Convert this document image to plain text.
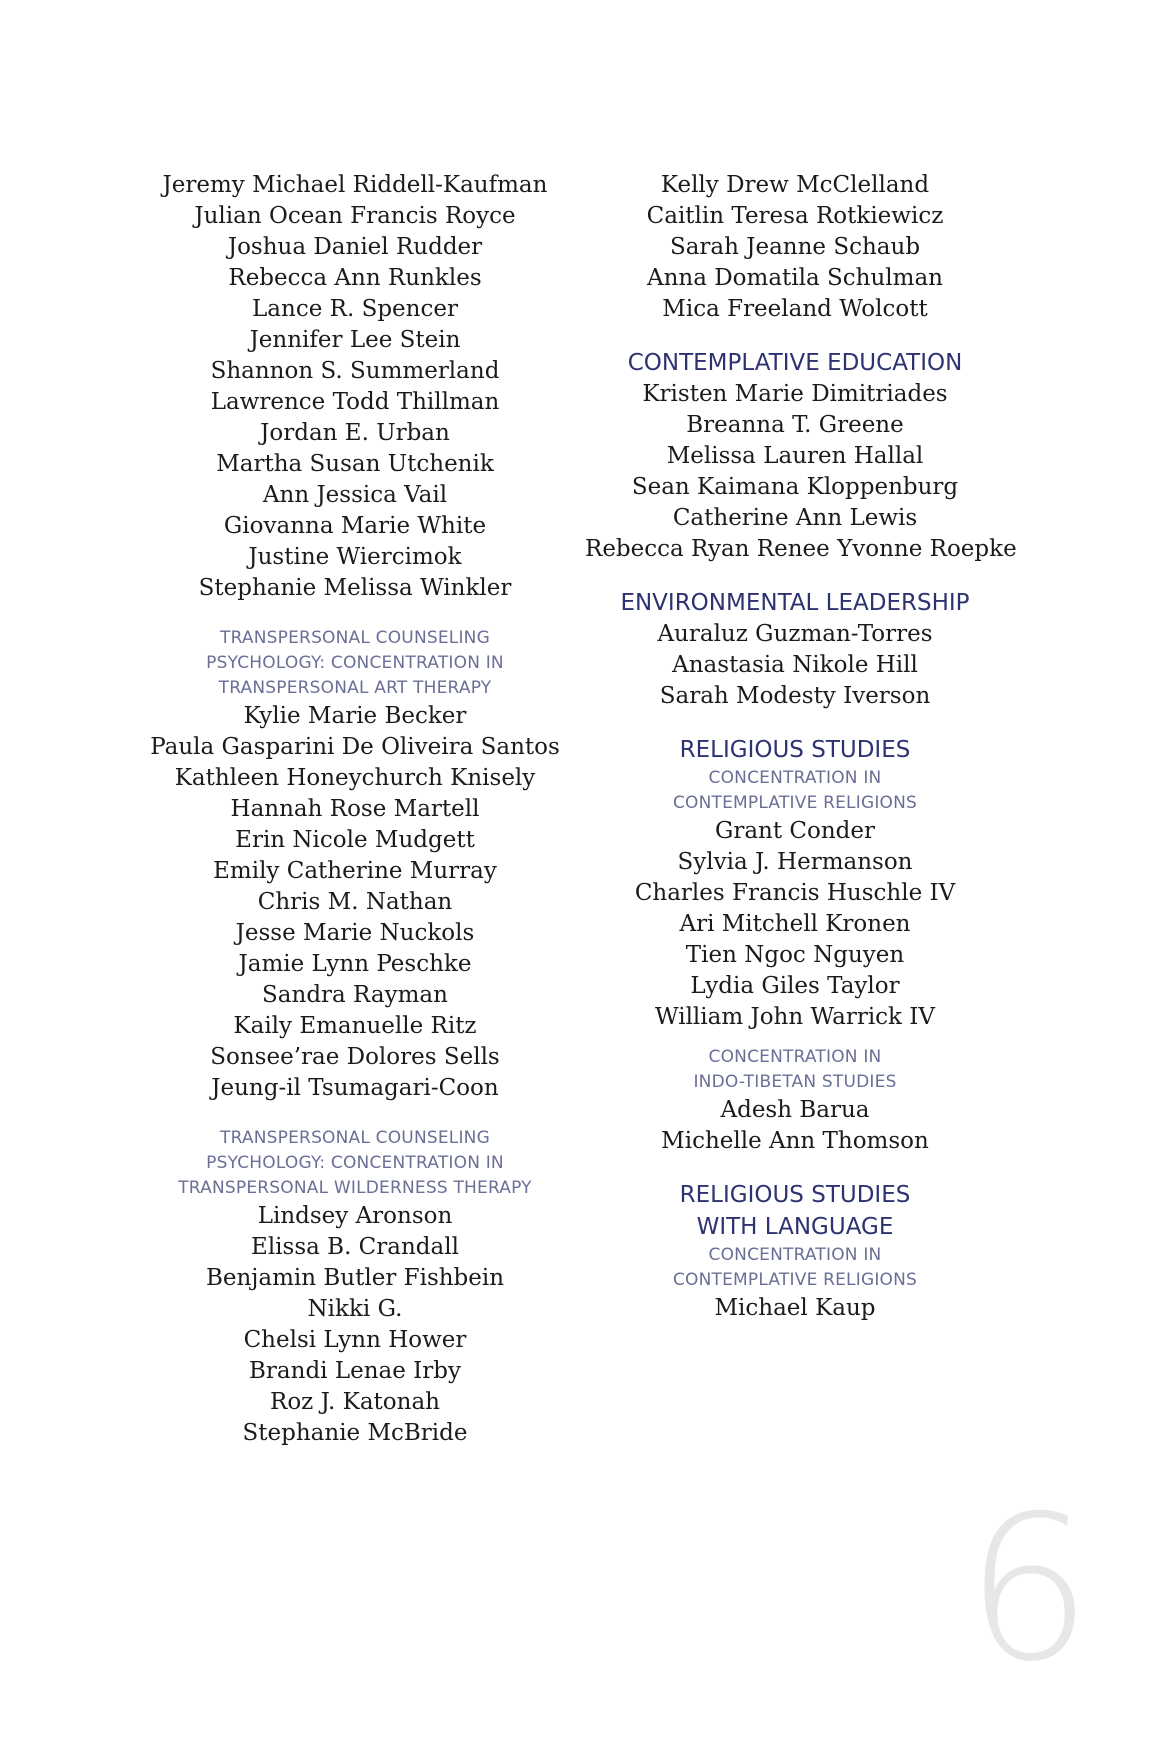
Jeremy Michael Riddell-Kaufman
Julian Ocean Francis Royce
Joshua Daniel Rudder
Rebecca Ann Runkles
Lance R. Spencer
Jennifer Lee Stein
Shannon S. Summerland
Lawrence Todd Thillman
Jordan E. Urban
Martha Susan Utchenik
Ann Jessica Vail
Giovanna Marie White
Justine Wiercimok
Stephanie Melissa Winkler
TRANSPERSONAL COUNSELING
PSYCHOLOGY: CONCENTRATION IN
TRANSPERSONAL ART THERAPY
Kylie Marie Becker
Paula Gasparini De Oliveira Santos
Kathleen Honeychurch Knisely
Hannah Rose Martell
Erin Nicole Mudgett
Emily Catherine Murray
Chris M. Nathan
Jesse Marie Nuckols
Jamie Lynn Peschke
Sandra Rayman
Kaily Emanuelle Ritz
Sonsee’rae Dolores Sells
Jeung-il Tsumagari-Coon
TRANSPERSONAL COUNSELING
PSYCHOLOGY: CONCENTRATION IN
TRANSPERSONAL WILDERNESS THERAPY
Lindsey Aronson
Elissa B. Crandall
Benjamin Butler Fishbein
Nikki G.
Chelsi Lynn Hower
Brandi Lenae Irby
Roz J. Katonah
Stephanie McBride
Kelly Drew McClelland
Caitlin Teresa Rotkiewicz
Sarah Jeanne Schaub
Anna Domatila Schulman
Mica Freeland Wolcott
CONTEMPLATIVE EDUCATION
Kristen Marie Dimitriades
Breanna T. Greene
Melissa Lauren Hallal
Sean Kaimana Kloppenburg
Catherine Ann Lewis
Rebecca Ryan Renee Yvonne Roepke
ENVIRONMENTAL LEADERSHIP
Auraluz Guzman-Torres
Anastasia Nikole Hill
Sarah Modesty Iverson
RELIGIOUS STUDIES
CONCENTRATION IN
CONTEMPLATIVE RELIGIONS
Grant Conder
Sylvia J. Hermanson
Charles Francis Huschle IV
Ari Mitchell Kronen
Tien Ngoc Nguyen
Lydia Giles Taylor
William John Warrick IV
CONCENTRATION IN
INDO-TIBETAN STUDIES
Adesh Barua
Michelle Ann Thomson
RELIGIOUS STUDIES
WITH LANGUAGE
CONCENTRATION IN
CONTEMPLATIVE RELIGIONS
Michael Kaup
6
